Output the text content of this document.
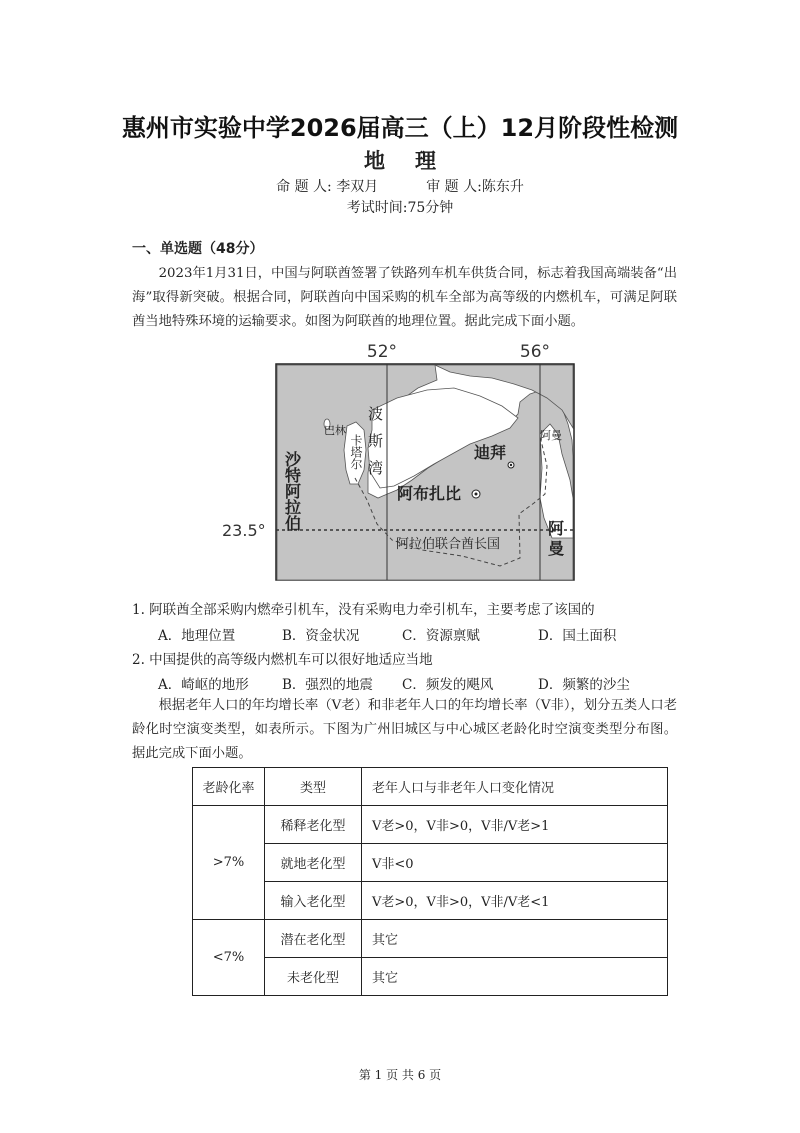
惠州市实验中学2026届高三（上）12月阶段性检测
地理
命 题 人: 李双月	审 题 人:陈东升
考试时间:75分钟
一、单选题（48分）
2023年1月31日，中国与阿联酋签署了铁路列车机车供货合同，标志着我国高端装备“出海”取得新突破。根据合同，阿联酋向中国采购的机车全部为高等级的内燃机车，可满足阿联酋当地特殊环境的运输要求。如图为阿联酋的地理位置。据此完成下面小题。
52°	56°
23.5° 沙特阿拉伯
巴林
卡塔尔 波斯湾	迪拜
阿布扎比
阿曼
阿曼
阿拉伯联合酋长国
1. 阿联酋全部采购内燃牵引机车，没有采购电力牵引机车，主要考虑了该国的
A．地理位置	B．资金状况	C．资源禀赋	D．国土面积
2. 中国提供的高等级内燃机车可以很好地适应当地
A．崎岖的地形 B．强烈的地震 C．频发的飓风	D．频繁的沙尘
根据老年人口的年均增长率（V老）和非老年人口的年均增长率（V非），划分五类人口老龄化时空演变类型，如表所示。下图为广州旧城区与中心城区老龄化时空演变类型分布图。据此完成下面小题。
老龄化率	类型	老年人口与非老年人口变化情况
>7%	稀释老化型	V老>0，V非>0，V非/V老>1
	就地老化型	V非<0
	输入老化型	V老>0，V非>0，V非/V老<1
<7%	潜在老化型	其它
	未老化型	其它
第 1 页 共 6 页
